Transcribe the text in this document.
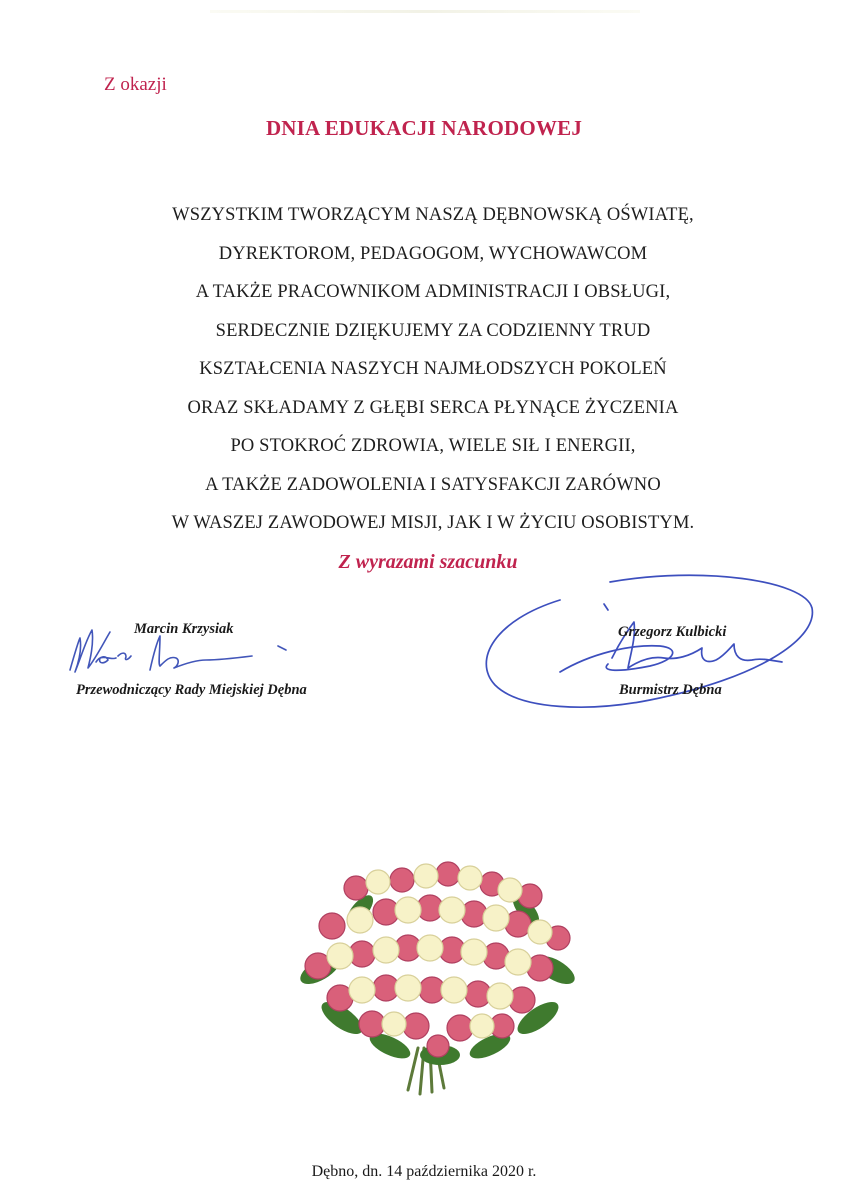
Z okazji
DNIA EDUKACJI NARODOWEJ
WSZYSTKIM TWORZĄCYM NASZĄ DĘBNOWSKĄ OŚWIATĘ,
DYREKTOROM, PEDAGOGOM, WYCHOWAWCOM
A TAKŻE PRACOWNIKOM ADMINISTRACJI I OBSŁUGI,
SERDECZNIE DZIĘKUJEMY ZA CODZIENNY TRUD
KSZTAŁCENIA NASZYCH NAJMŁODSZYCH POKOLEŃ
ORAZ SKŁADAMY Z GŁĘBI SERCA PŁYNĄCE ŻYCZENIA
PO STOKROĆ ZDROWIA, WIELE SIŁ I ENERGII,
A TAKŻE ZADOWOLENIA I SATYSFAKCJI ZARÓWNO
W WASZEJ ZAWODOWEJ MISJI, JAK I W ŻYCIU OSOBISTYM.
Z wyrazami szacunku
Marcin Krzysiak
Przewodniczący Rady Miejskiej Dębna
Grzegorz Kulbicki
Burmistrz Dębna
Dębno, dn. 14 października 2020 r.
